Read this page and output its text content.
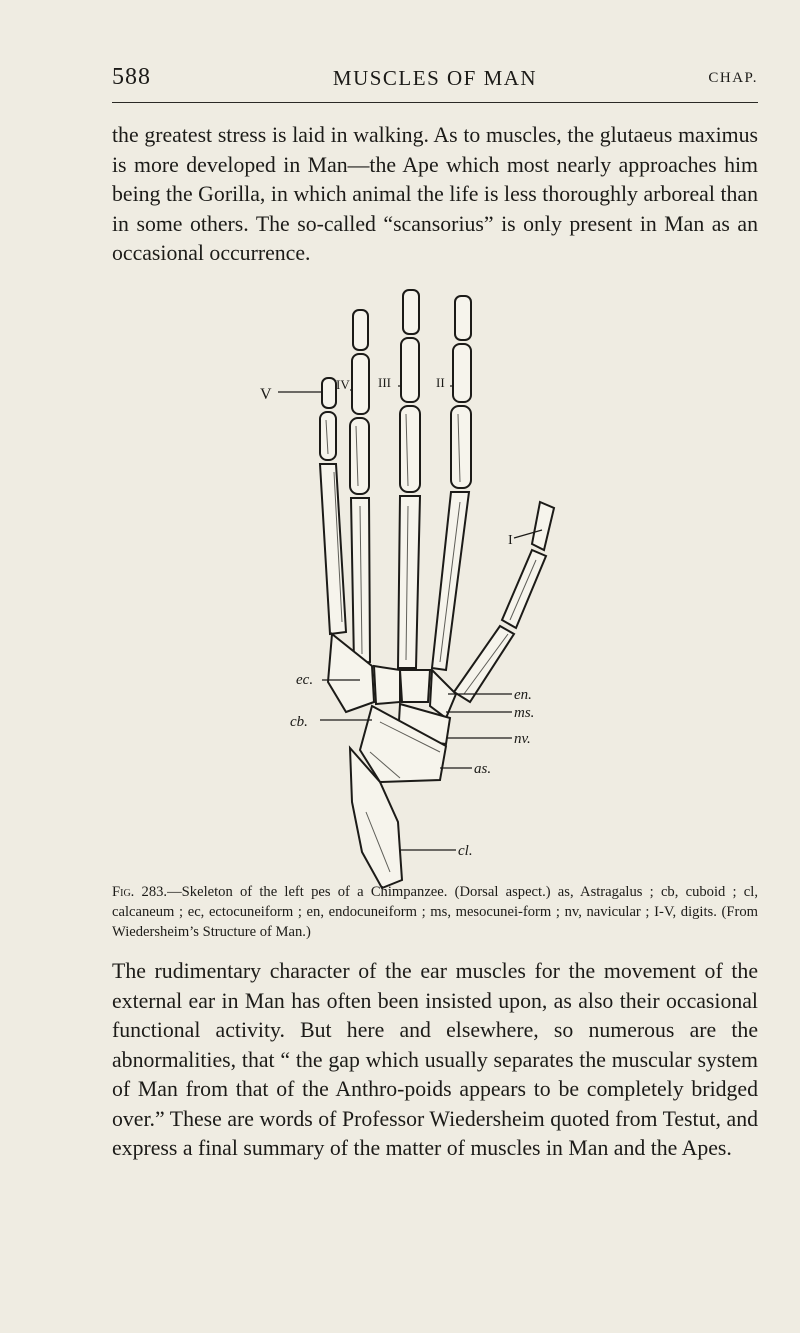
588	MUSCLES OF MAN	CHAP.

the greatest stress is laid in walking. As to muscles, the glutaeus maximus is more developed in Man—the Ape which most nearly approaches him being the Gorilla, in which animal the life is less thoroughly arboreal than in some others. The so-called “scansorius” is only present in Man as an occasional occurrence.

V
IV III	II
I
ec.
cb.
en.
ms.
nv.
as.
cl.
Fig. 283.—Skeleton of the left pes of a Chimpanzee. (Dorsal aspect.) as, Astragalus ; cb, cuboid ; cl, calcaneum ; ec, ectocuneiform ; en, endocuneiform ; ms, mesocunei-form ; nv, navicular ; I-V, digits. (From Wiedersheim’s Structure of Man.)

The rudimentary character of the ear muscles for the movement of the external ear in Man has often been insisted upon, as also their occasional functional activity. But here and elsewhere, so numerous are the abnormalities, that “ the gap which usually separates the muscular system of Man from that of the Anthro-poids appears to be completely bridged over.” These are words of Professor Wiedersheim quoted from Testut, and express a final summary of the matter of muscles in Man and the Apes.
